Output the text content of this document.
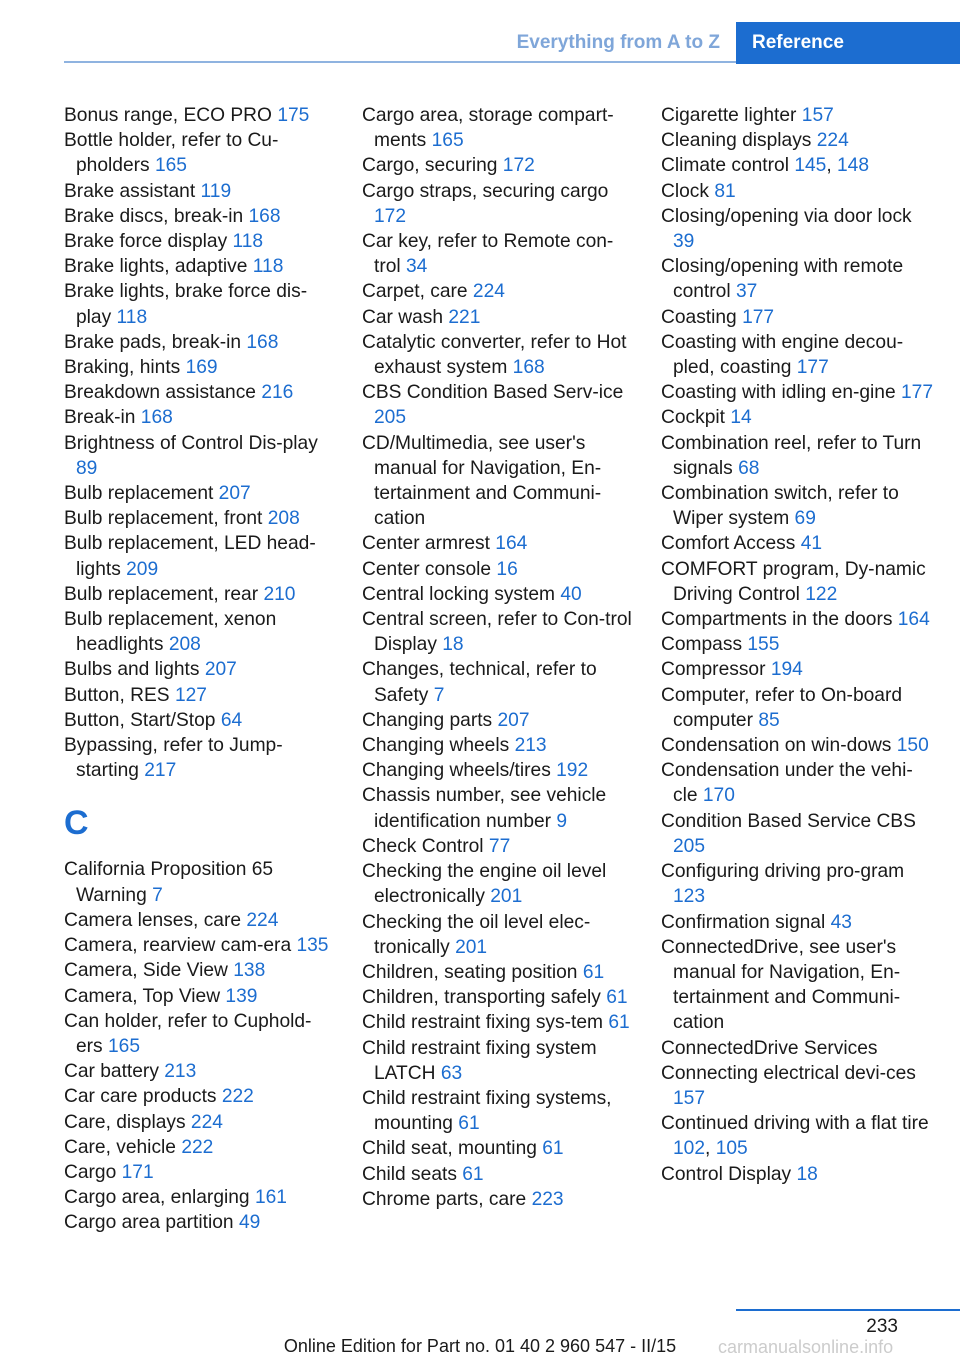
Everything from A to Z	Reference
Bonus range, ECO PRO 175
Bottle holder, refer to Cu-pholders 165
Brake assistant 119
Brake discs, break-in 168
Brake force display 118
Brake lights, adaptive 118
Brake lights, brake force dis-play 118
Brake pads, break-in 168
Braking, hints 169
Breakdown assistance 216
Break-in 168
Brightness of Control Dis-play 89
Bulb replacement 207
Bulb replacement, front 208
Bulb replacement, LED head-lights 209
Bulb replacement, rear 210
Bulb replacement, xenon headlights 208
Bulbs and lights 207
Button, RES 127
Button, Start/Stop 64
Bypassing, refer to Jump-starting 217
C
California Proposition 65 Warning 7
Camera lenses, care 224
Camera, rearview cam-era 135
Camera, Side View 138
Camera, Top View 139
Can holder, refer to Cuphold-ers 165
Car battery 213
Car care products 222
Care, displays 224
Care, vehicle 222
Cargo 171
Cargo area, enlarging 161
Cargo area partition 49
Cargo area, storage compart-ments 165
Cargo, securing 172
Cargo straps, securing cargo 172
Car key, refer to Remote con-trol 34
Carpet, care 224
Car wash 221
Catalytic converter, refer to Hot exhaust system 168
CBS Condition Based Serv-ice 205
CD/Multimedia, see user's manual for Navigation, En-tertainment and Communi-cation
Center armrest 164
Center console 16
Central locking system 40
Central screen, refer to Con-trol Display 18
Changes, technical, refer to Safety 7
Changing parts 207
Changing wheels 213
Changing wheels/tires 192
Chassis number, see vehicle identification number 9
Check Control 77
Checking the engine oil level electronically 201
Checking the oil level elec-tronically 201
Children, seating position 61
Children, transporting safely 61
Child restraint fixing sys-tem 61
Child restraint fixing system LATCH 63
Child restraint fixing systems, mounting 61
Child seat, mounting 61
Child seats 61
Chrome parts, care 223
Cigarette lighter 157
Cleaning displays 224
Climate control 145, 148
Clock 81
Closing/opening via door lock 39
Closing/opening with remote control 37
Coasting 177
Coasting with engine decou-pled, coasting 177
Coasting with idling en-gine 177
Cockpit 14
Combination reel, refer to Turn signals 68
Combination switch, refer to Wiper system 69
Comfort Access 41
COMFORT program, Dy-namic Driving Control 122
Compartments in the doors 164
Compass 155
Compressor 194
Computer, refer to On-board computer 85
Condensation on win-dows 150
Condensation under the vehi-cle 170
Condition Based Service CBS 205
Configuring driving pro-gram 123
Confirmation signal 43
ConnectedDrive, see user's manual for Navigation, En-tertainment and Communi-cation
ConnectedDrive Services
Connecting electrical devi-ces 157
Continued driving with a flat tire 102, 105
Control Display 18
233
Online Edition for Part no. 01 40 2 960 547 - II/15	carmanualsonline.info
